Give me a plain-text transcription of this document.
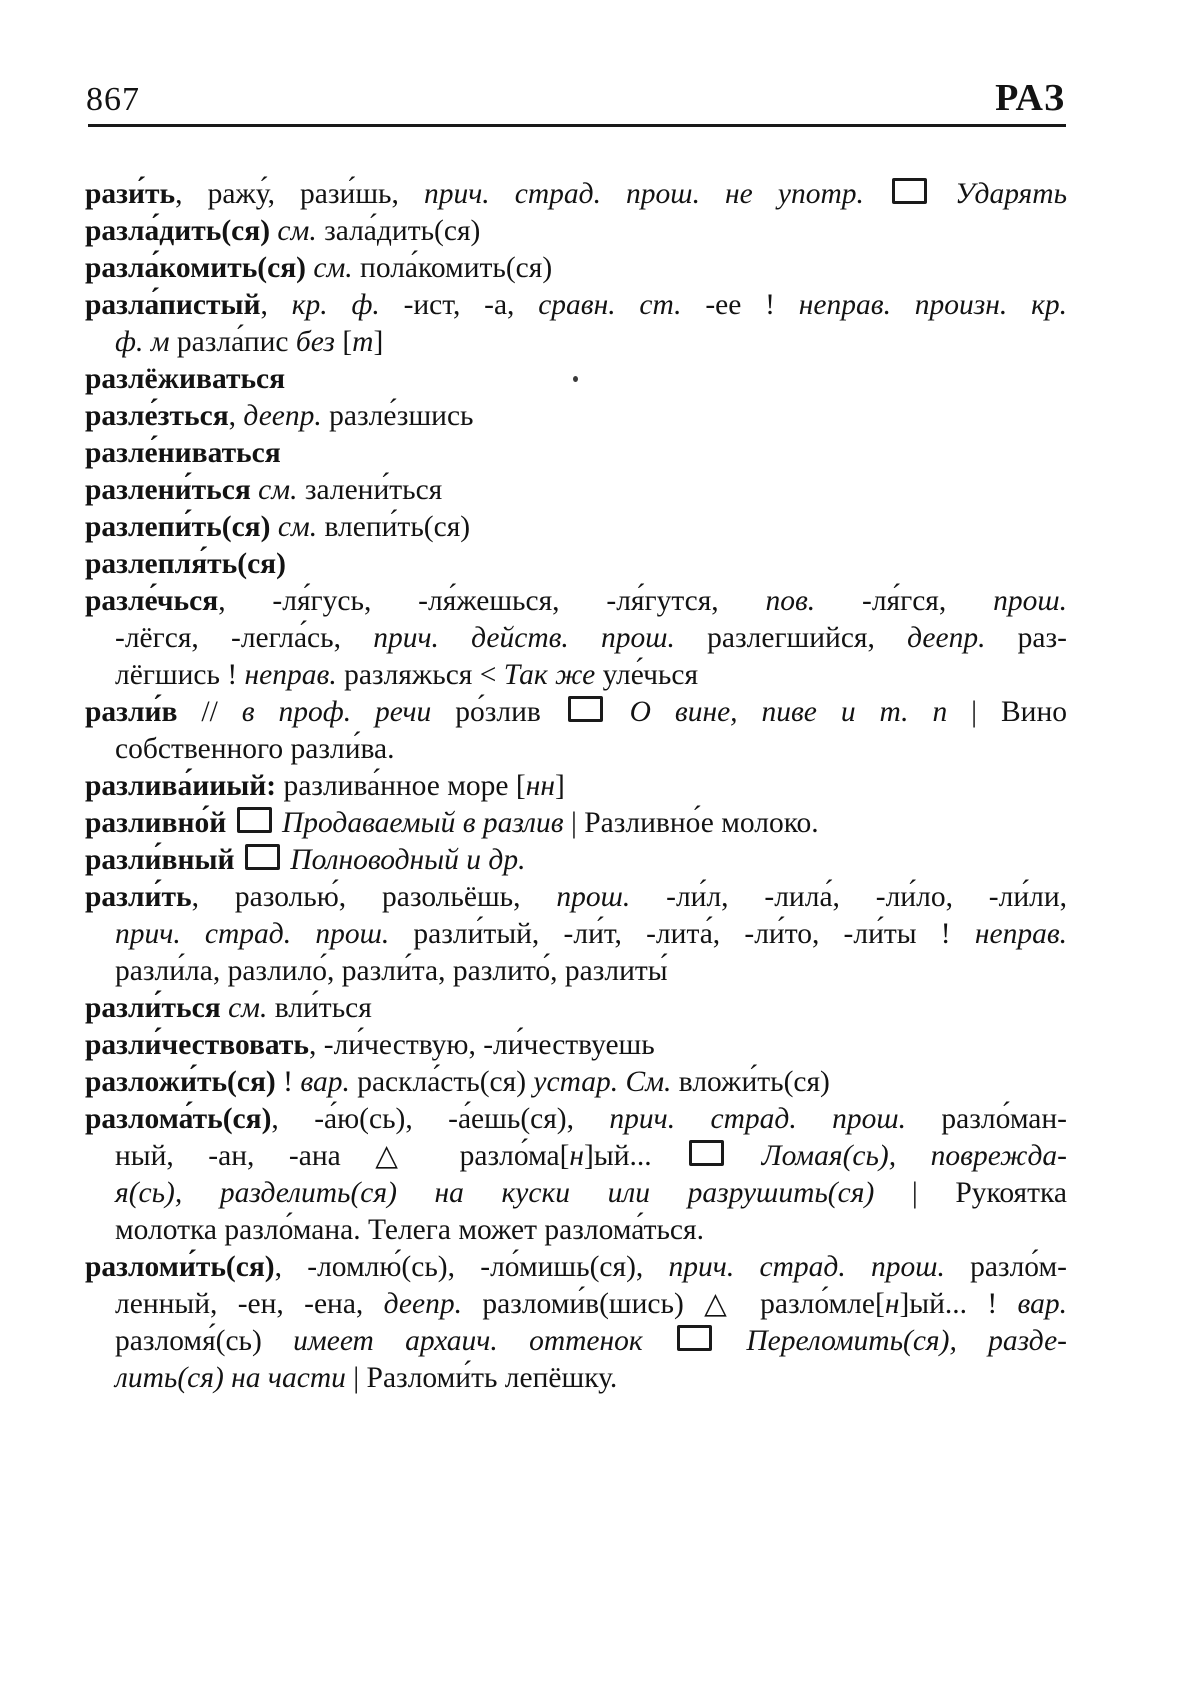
867	РАЗ
рази́ть, ражу́, рази́шь, прич. страд. прош. не употр.  Ударять
разла́дить(ся) см. зала́дить(ся)
разла́комить(ся) см. пола́комить(ся)
разла́пистый, кр. ф. -ист, -а, сравн. ст. -ее ! неправ. произн. кр.
ф. м разла́пис без [т]
разлёживаться
разле́зться, деепр. разле́зшись
разле́ниваться
разлени́ться см. залени́ться
разлепи́ть(ся) см. влепи́ть(ся)
разлепля́ть(ся)
разле́чься, -ля́гусь, -ля́жешься, -ля́гутся, пов. -ля́гся, прош.
-лёгся, -легла́сь, прич. действ. прош. разлегшийся, деепр. раз-
лёгшись ! неправ. разляжься < Так же уле́чься
разли́в // в проф. речи ро́злив  О вине, пиве и т. п | Вино
собственного разли́ва.
разлива́ииый: разлива́нное море [нн]
разливно́й  Продаваемый в разлив | Разливно́е молоко.
разли́вный  Полноводный и др.
разли́ть, разолью́, разольёшь, прош. -ли́л, -лила́, -ли́ло, -ли́ли,
прич. страд. прош. разли́тый, -ли́т, -лита́, -ли́то, -ли́ты ! неправ.
разли́ла, разлило́, разли́та, разлито́, разлиты́
разли́ться см. вли́ться
разли́чествовать, -ли́чествую, -ли́чествуешь
разложи́ть(ся) ! вар. раскла́сть(ся) устар. См. вложи́ть(ся)
разлома́ть(ся), -а́ю(сь), -а́ешь(ся), прич. страд. прош. разло́ман-
ный, -ан, -ана △ разло́ма[н]ый...  Ломая(сь), поврежда-
я(сь), разделить(ся) на куски или разрушить(ся) | Рукоятка
молотка разло́мана. Телега может разлома́ться.
разломи́ть(ся), -ломлю́(сь), -ло́мишь(ся), прич. страд. прош. разло́м-
ленный, -ен, -ена, деепр. разломи́в(шись) △ разло́мле[н]ый... ! вар.
разломя́(сь) имеет архаич. оттенок  Переломить(ся), разде-
лить(ся) на части | Разломи́ть лепёшку.
